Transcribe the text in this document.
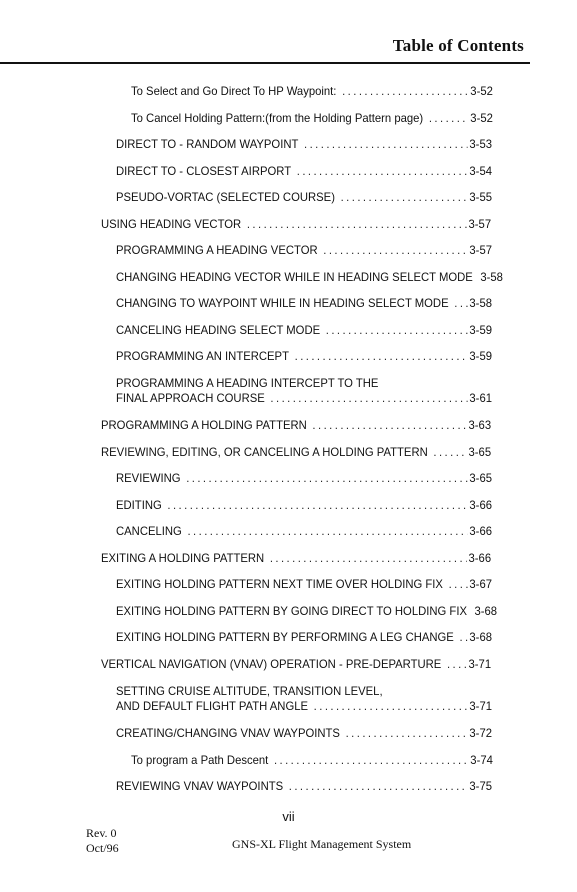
Table of Contents
To Select and Go Direct To HP Waypoint: .....	3-52
To Cancel Holding Pattern:(from the Holding Pattern page) .....	3-52
DIRECT TO - RANDOM WAYPOINT .....	3-53
DIRECT TO - CLOSEST AIRPORT .....	3-54
PSEUDO-VORTAC (SELECTED COURSE) .....	3-55
USING HEADING VECTOR .....	3-57
PROGRAMMING A HEADING VECTOR .....	3-57
CHANGING HEADING VECTOR WHILE IN HEADING SELECT MODE 3-58
CHANGING TO WAYPOINT WHILE IN HEADING SELECT MODE ..... 3-58
CANCELING HEADING SELECT MODE .....	3-59
PROGRAMMING AN INTERCEPT .....	3-59
PROGRAMMING A HEADING INTERCEPT TO THE
FINAL APPROACH COURSE .....	3-61
PROGRAMMING A HOLDING PATTERN .....	3-63
REVIEWING, EDITING, OR CANCELING A HOLDING PATTERN .....	3-65
REVIEWING .....	3-65
EDITING .....	3-66
CANCELING .....	3-66
EXITING A HOLDING PATTERN .....	3-66
EXITING HOLDING PATTERN NEXT TIME OVER HOLDING FIX ..... 3-67
EXITING HOLDING PATTERN BY GOING DIRECT TO HOLDING FIX 3-68
EXITING HOLDING PATTERN BY PERFORMING A LEG CHANGE ..... 3-68
VERTICAL NAVIGATION (VNAV) OPERATION - PRE-DEPARTURE ..... 3-71
SETTING CRUISE ALTITUDE, TRANSITION LEVEL,
AND DEFAULT FLIGHT PATH ANGLE .....	3-71
CREATING/CHANGING VNAV WAYPOINTS .....	3-72
To program a Path Descent .....	3-74
REVIEWING VNAV WAYPOINTS .....	3-75
vii
Rev. 0
Oct/96	GNS-XL Flight Management System
